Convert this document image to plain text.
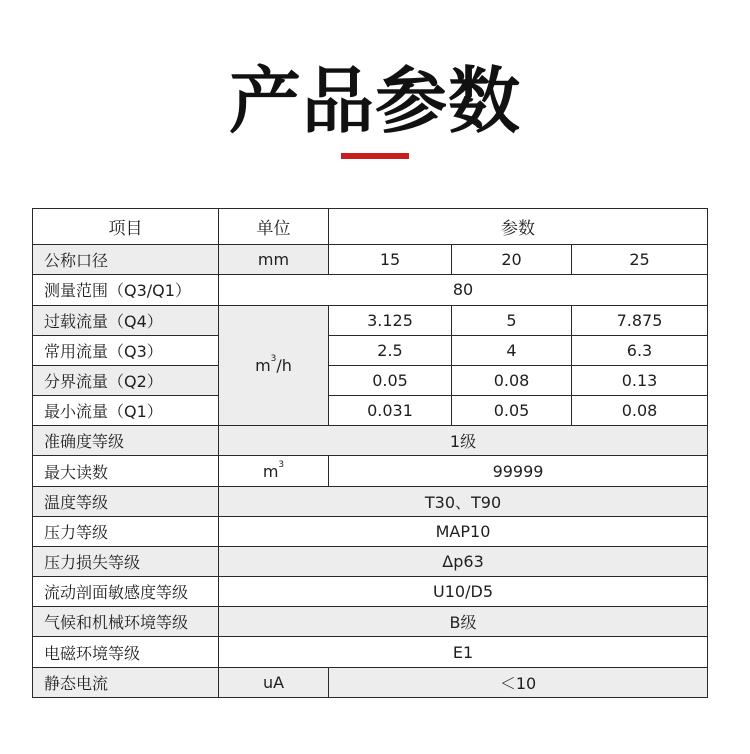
产品参数
项目	单位	参数		
公称口径	mm	15	20	25
测量范围（Q3/Q1）	80			
过载流量（Q4）	$m^3/h$	3.125	5	7.875
常用流量（Q3）		2.5	4	6.3
分界流量（Q2）		0.05	0.08	0.13
最小流量（Q1）		0.031	0.05	0.08
准确度等级	1级			
最大读数	$m^3$	99999		
温度等级	T30、T90			
压力等级	MAP10			
压力损失等级	Δp63			
流动剖面敏感度等级	U10/D5			
气候和机械环境等级	B级			
电磁环境等级	E1			
静态电流	uA	＜10		
